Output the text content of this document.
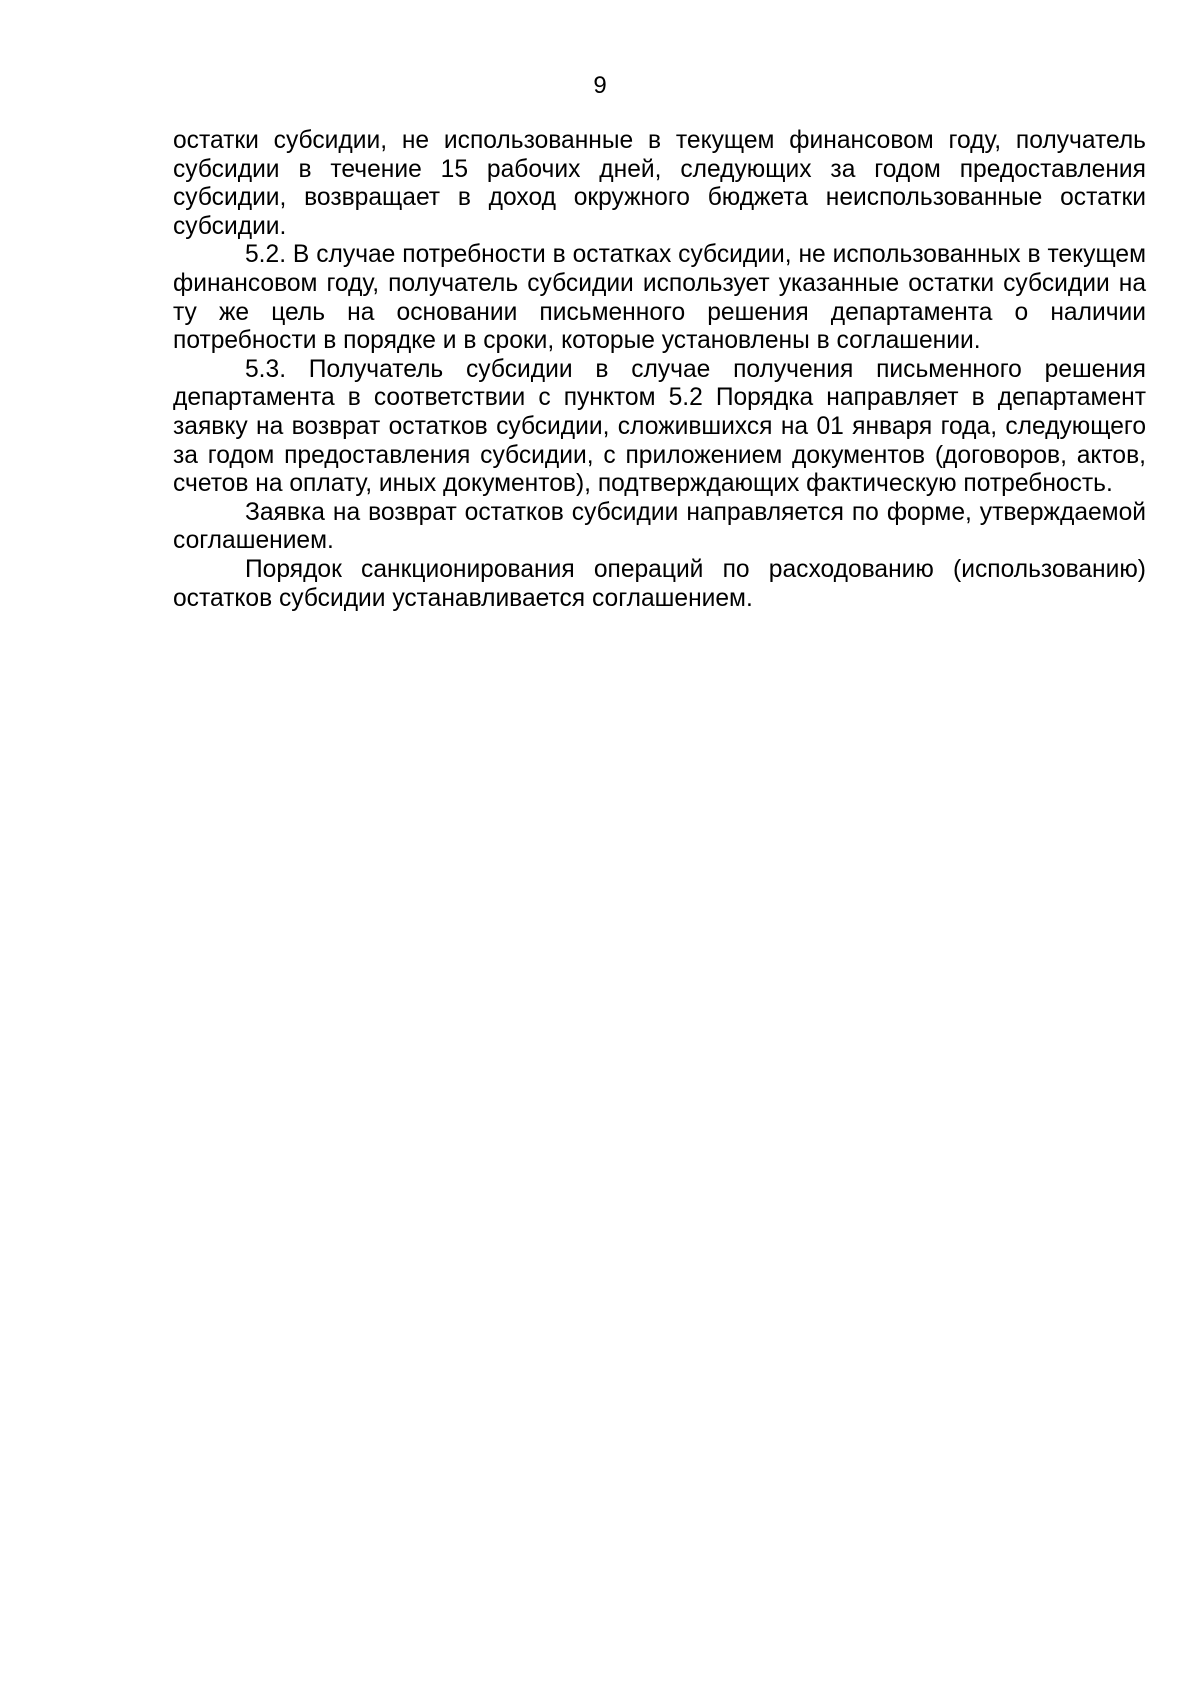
9

остатки субсидии, не использованные в текущем финансовом году, получатель субсидии в течение 15 рабочих дней, следующих за годом предоставления субсидии, возвращает в доход окружного бюджета неиспользованные остатки субсидии.

5.2. В случае потребности в остатках субсидии, не использованных в текущем финансовом году, получатель субсидии использует указанные остатки субсидии на ту же цель на основании письменного решения департамента о наличии потребности в порядке и в сроки, которые установлены в соглашении.

5.3. Получатель субсидии в случае получения письменного решения департамента в соответствии с пунктом 5.2 Порядка направляет в департамент заявку на возврат остатков субсидии, сложившихся на 01 января года, следующего за годом предоставления субсидии, с приложением документов (договоров, актов, счетов на оплату, иных документов), подтверждающих фактическую потребность.

Заявка на возврат остатков субсидии направляется по форме, утверждаемой соглашением.

Порядок санкционирования операций по расходованию (использованию) остатков субсидии устанавливается соглашением.
